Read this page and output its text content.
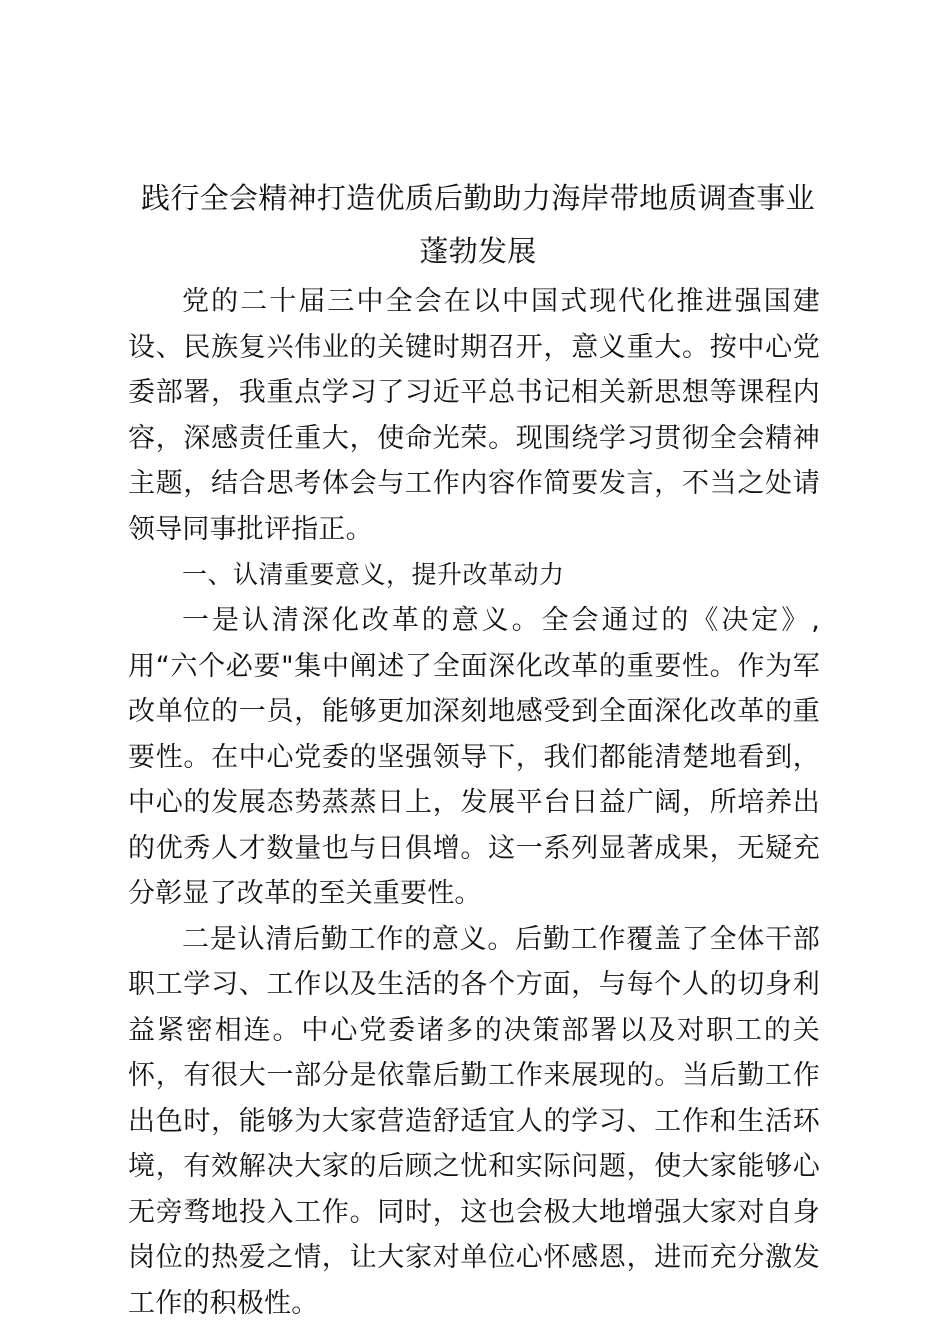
践行全会精神打造优质后勤助力海岸带地质调查事业蓬勃发展

党的二十届三中全会在以中国式现代化推进强国建设、民族复兴伟业的关键时期召开，意义重大。按中心党委部署，我重点学习了习近平总书记相关新思想等课程内容，深感责任重大，使命光荣。现围绕学习贯彻全会精神主题，结合思考体会与工作内容作简要发言，不当之处请领导同事批评指正。

一、认清重要意义，提升改革动力

一是认清深化改革的意义。全会通过的《决定》,用“六个必要"集中阐述了全面深化改革的重要性。作为军改单位的一员，能够更加深刻地感受到全面深化改革的重要性。在中心党委的坚强领导下，我们都能清楚地看到，中心的发展态势蒸蒸日上，发展平台日益广阔，所培养出的优秀人才数量也与日俱增。这一系列显著成果，无疑充分彰显了改革的至关重要性。

二是认清后勤工作的意义。后勤工作覆盖了全体干部职工学习、工作以及生活的各个方面，与每个人的切身利益紧密相连。中心党委诸多的决策部署以及对职工的关怀，有很大一部分是依靠后勤工作来展现的。当后勤工作出色时，能够为大家营造舒适宜人的学习、工作和生活环境，有效解决大家的后顾之忧和实际问题，使大家能够心无旁骛地投入工作。同时，这也会极大地增强大家对自身岗位的热爱之情，让大家对单位心怀感恩，进而充分激发工作的积极性。
